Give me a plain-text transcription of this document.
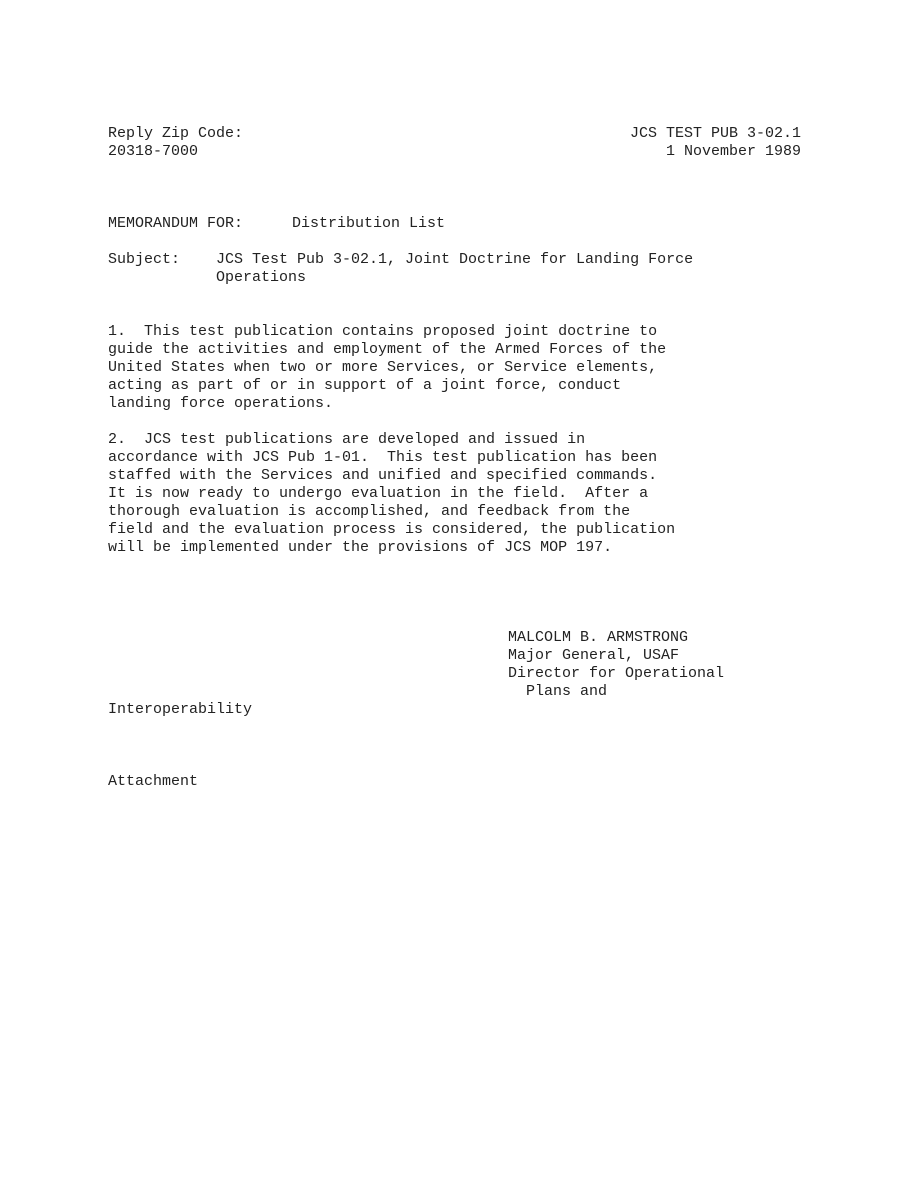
Reply Zip Code:
20318-7000
JCS TEST PUB 3-02.1
1 November 1989
MEMORANDUM FOR:	Distribution List
Subject: JCS Test Pub 3-02.1, Joint Doctrine for Landing Force
Operations
1.  This test publication contains proposed joint doctrine to
guide the activities and employment of the Armed Forces of the
United States when two or more Services, or Service elements,
acting as part of or in support of a joint force, conduct
landing force operations.
2.  JCS test publications are developed and issued in
accordance with JCS Pub 1-01.  This test publication has been
staffed with the Services and unified and specified commands.
It is now ready to undergo evaluation in the field.  After a
thorough evaluation is accomplished, and feedback from the
field and the evaluation process is considered, the publication
will be implemented under the provisions of JCS MOP 197.
MALCOLM B. ARMSTRONG
Major General, USAF
Director for Operational
Plans and
Interoperability
Attachment
